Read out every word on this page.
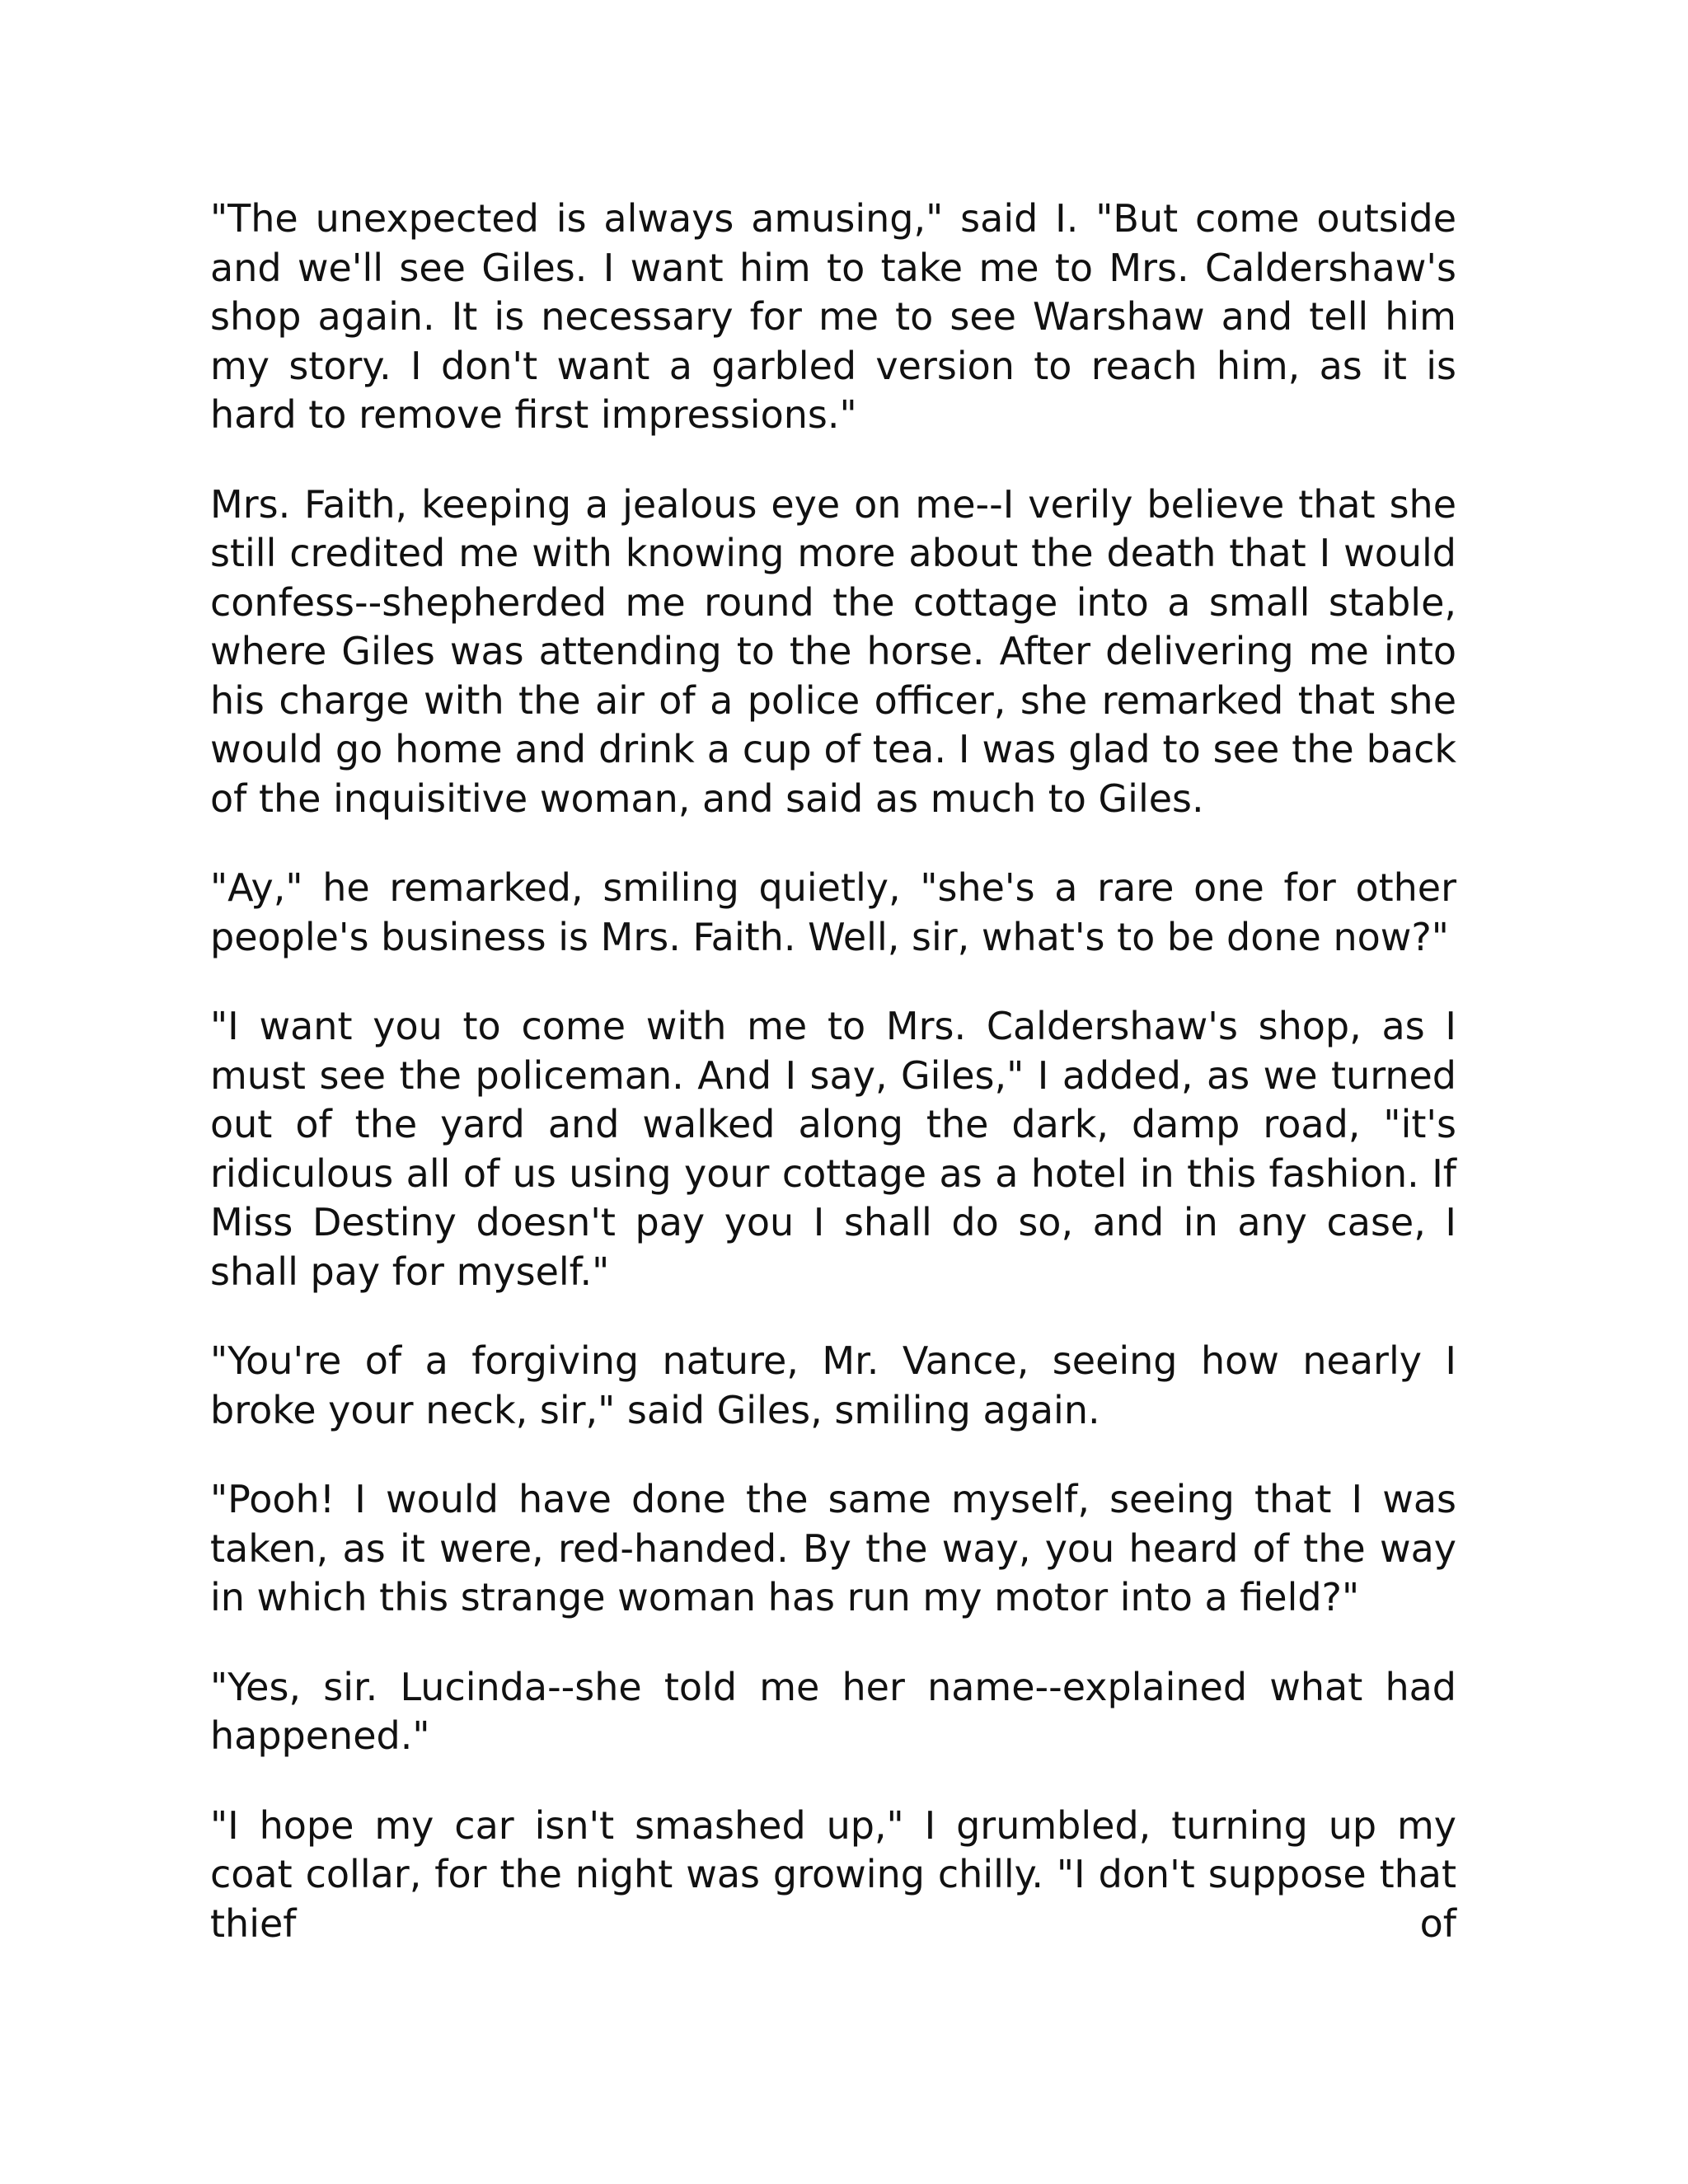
"The unexpected is always amusing," said I. "But come outside and we'll see Giles. I want him to take me to Mrs. Caldershaw's shop again. It is necessary for me to see Warshaw and tell him my story. I don't want a garbled version to reach him, as it is hard to remove first impressions."

Mrs. Faith, keeping a jealous eye on me--I verily believe that she still credited me with knowing more about the death that I would confess--shepherded me round the cottage into a small stable, where Giles was attending to the horse. After delivering me into his charge with the air of a police officer, she remarked that she would go home and drink a cup of tea. I was glad to see the back of the inquisitive woman, and said as much to Giles.

"Ay," he remarked, smiling quietly, "she's a rare one for other people's business is Mrs. Faith. Well, sir, what's to be done now?"

"I want you to come with me to Mrs. Caldershaw's shop, as I must see the policeman. And I say, Giles," I added, as we turned out of the yard and walked along the dark, damp road, "it's ridiculous all of us using your cottage as a hotel in this fashion. If Miss Destiny doesn't pay you I shall do so, and in any case, I shall pay for myself."

"You're of a forgiving nature, Mr. Vance, seeing how nearly I broke your neck, sir," said Giles, smiling again.

"Pooh! I would have done the same myself, seeing that I was taken, as it were, red-handed. By the way, you heard of the way in which this strange woman has run my motor into a field?"

"Yes, sir. Lucinda--she told me her name--explained what had happened."

"I hope my car isn't smashed up," I grumbled, turning up my coat collar, for the night was growing chilly. "I don't suppose that thief of
